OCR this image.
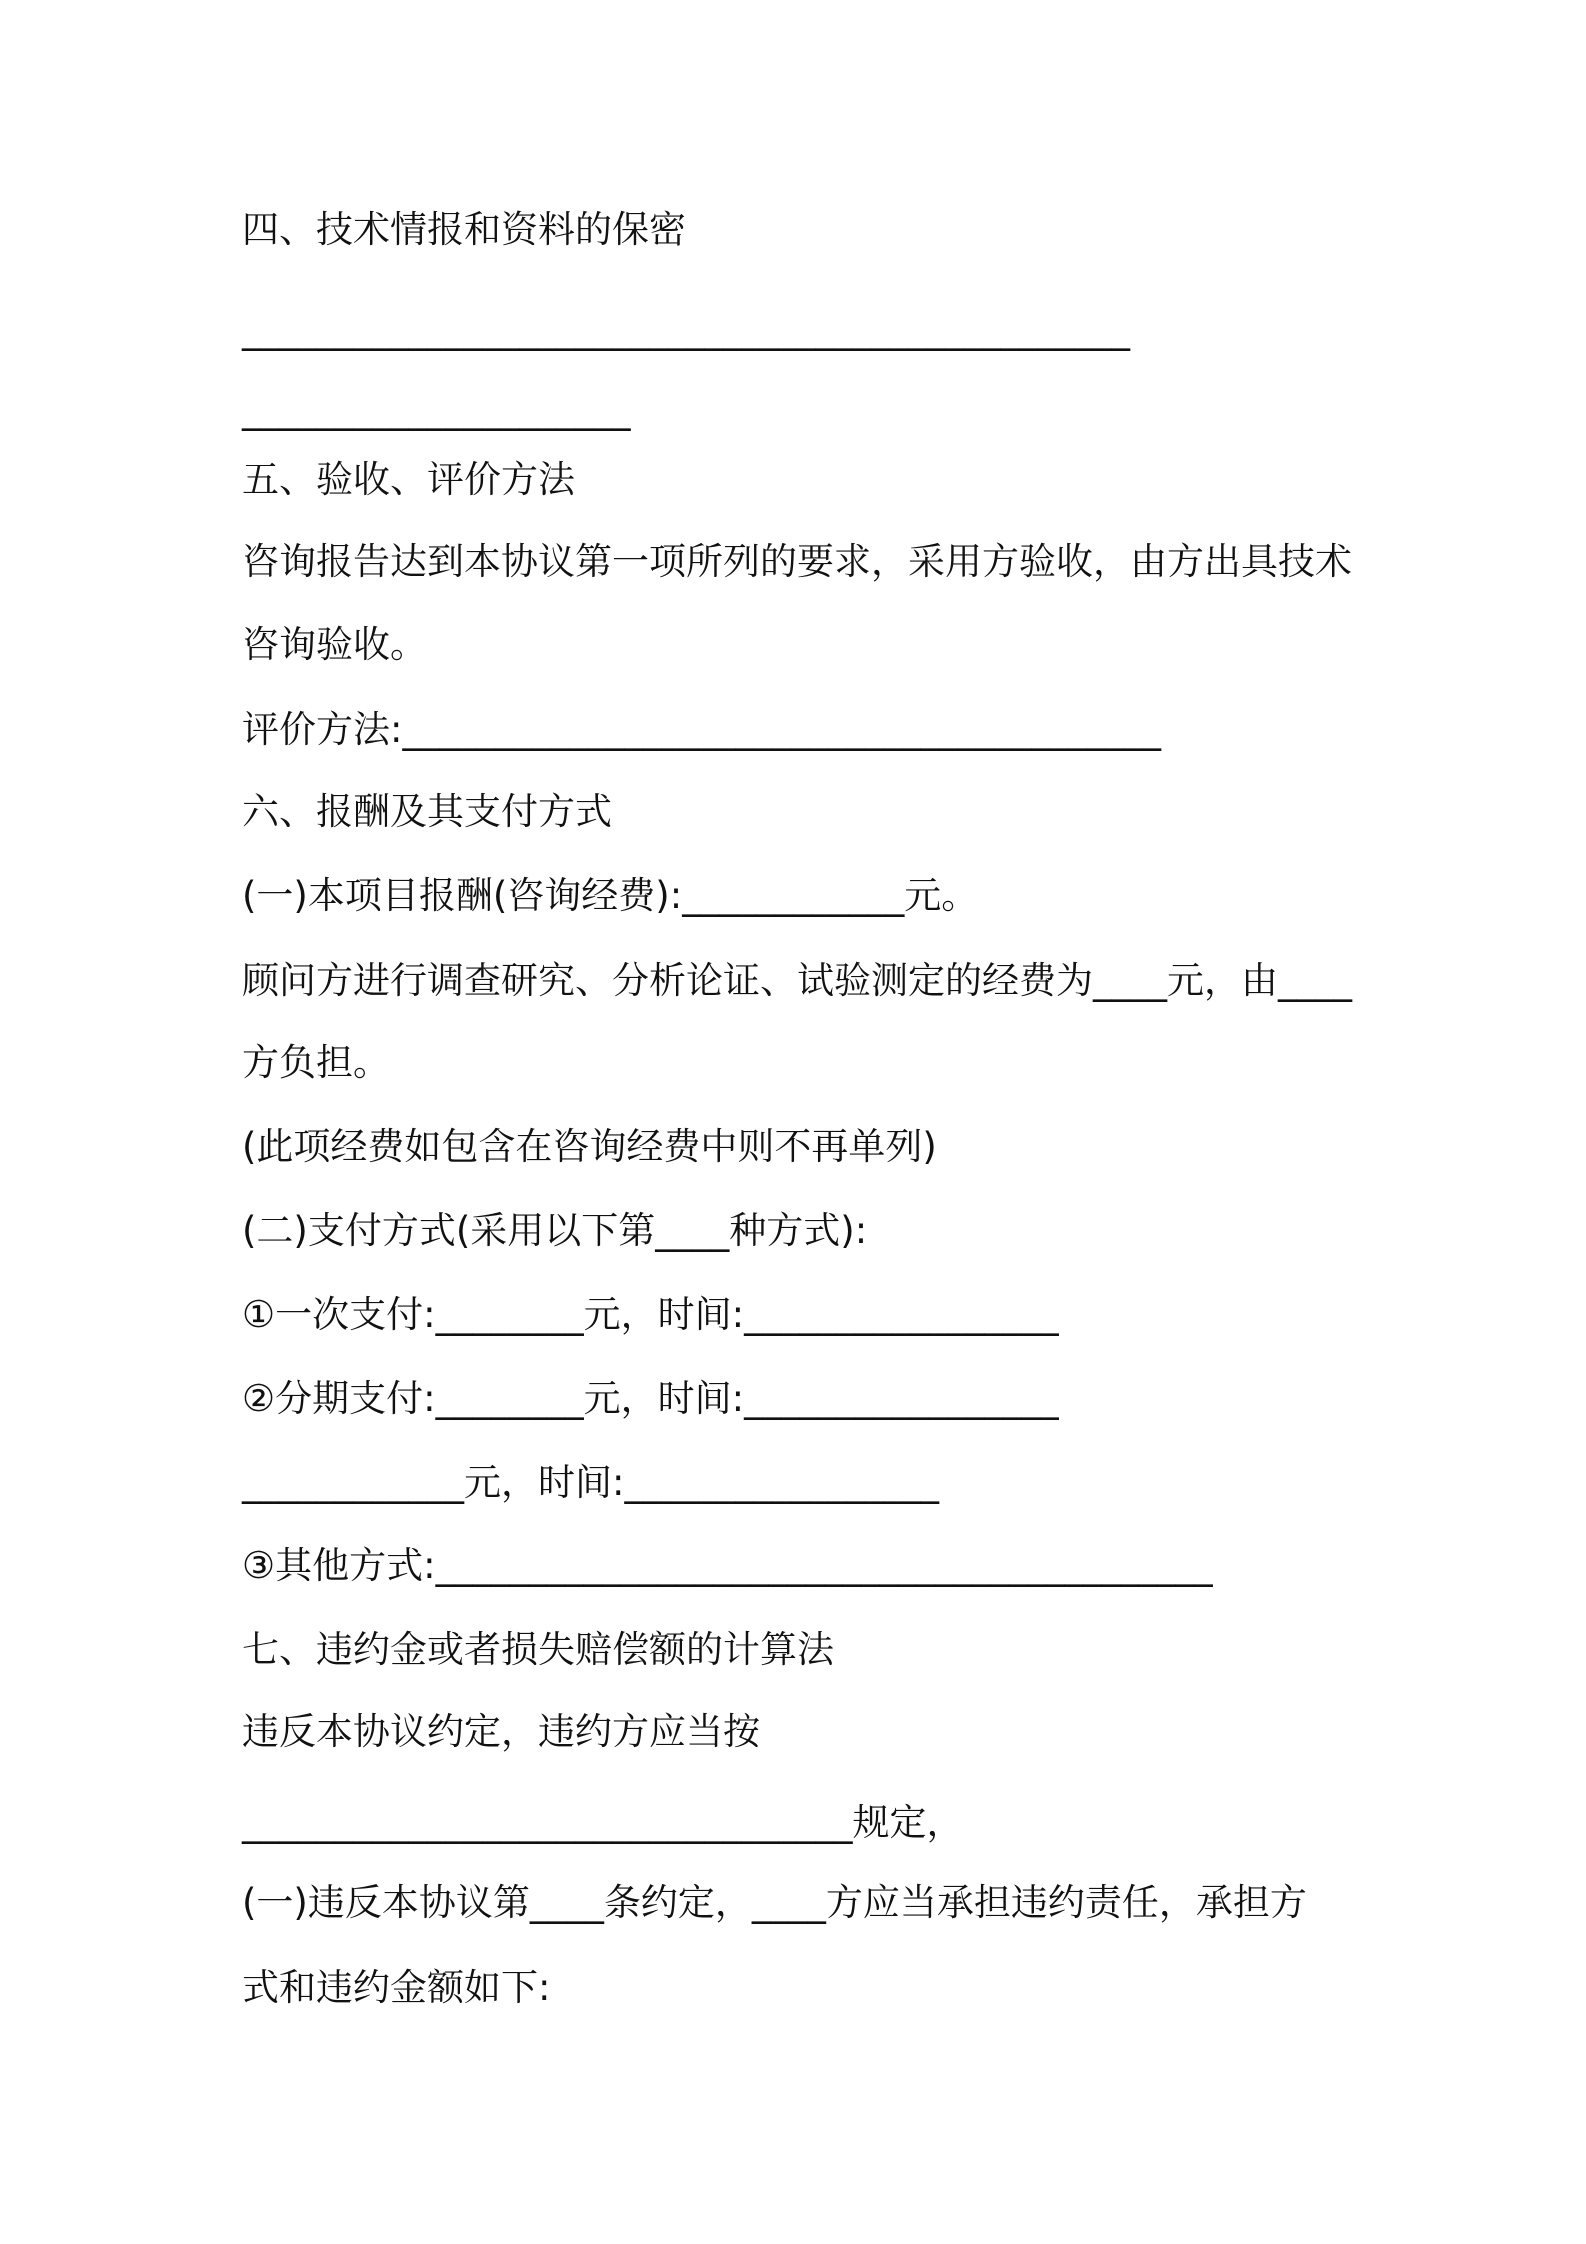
四、技术情报和资料的保密
________________________________________________
_____________________
五、验收、评价方法
咨询报告达到本协议第一项所列的要求，采用方验收，由方出具技术
咨询验收。
评价方法:_________________________________________
六、报酬及其支付方式
(一)本项目报酬(咨询经费):____________元。
顾问方进行调查研究、分析论证、试验测定的经费为____元，由____
方负担。
(此项经费如包含在咨询经费中则不再单列)
(二)支付方式(采用以下第____种方式):
①一次支付:________元，时间:_________________
②分期支付:________元，时间:_________________
____________元，时间:_________________
③其他方式:__________________________________________
七、违约金或者损失赔偿额的计算法
违反本协议约定，违约方应当按
_________________________________规定，
(一)违反本协议第____条约定，____方应当承担违约责任，承担方
式和违约金额如下:
